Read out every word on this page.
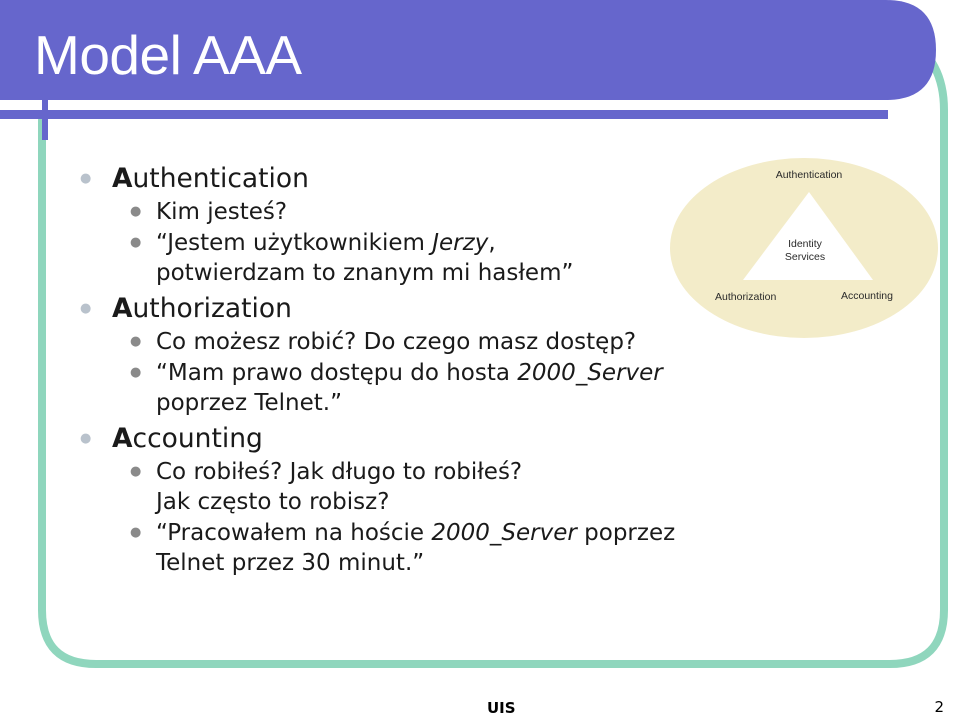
Model AAA
● Authentication
● Kim jesteś?
● “Jestem użytkownikiem Jerzy,
potwierdzam to znanym mi hasłem”
● Authorization
● Co możesz robić? Do czego masz dostęp?
● “Mam prawo dostępu do hosta 2000_Server
poprzez Telnet.”
● Accounting
● Co robiłeś? Jak długo to robiłeś?
Jak często to robisz?
● “Pracowałem na hoście 2000_Server poprzez
Telnet przez 30 minut.”
Authentication
Identity
Services
Authorization	Accounting
UIS	2
